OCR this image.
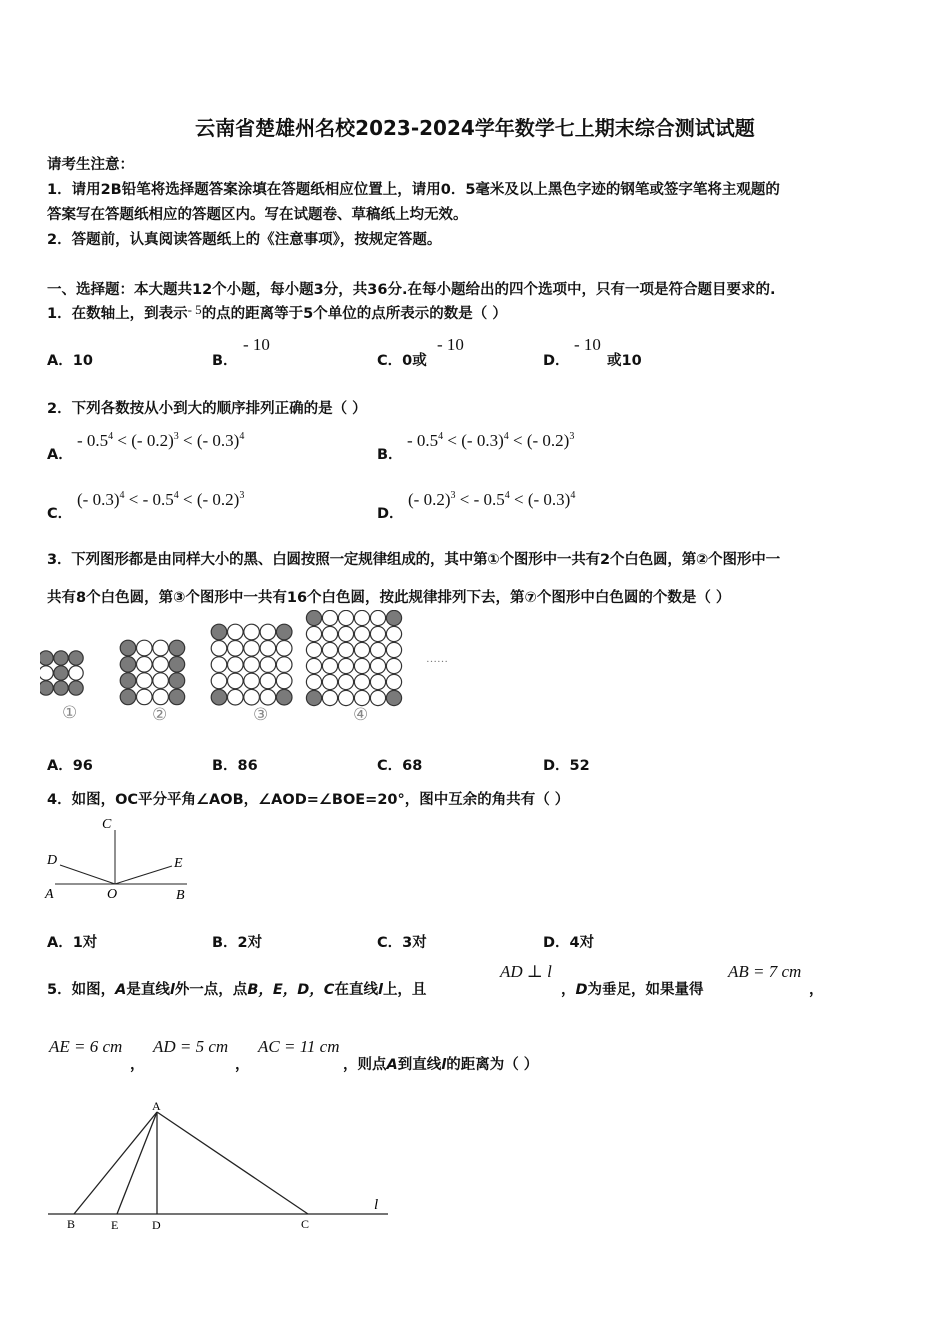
云南省楚雄州名校2023-2024学年数学七上期末综合测试试题
请考生注意：
1．请用2B铅笔将选择题答案涂填在答题纸相应位置上，请用0．5毫米及以上黑色字迹的钢笔或签字笔将主观题的
答案写在答题纸相应的答题区内。写在试题卷、草稿纸上均无效。
2．答题前，认真阅读答题纸上的《注意事项》，按规定答题。
一、选择题：本大题共12个小题，每小题3分，共36分.在每小题给出的四个选项中，只有一项是符合题目要求的.
1．在数轴上，到表示- 5的点的距离等于5个单位的点所表示的数是（ ）
A．10	B．
- 10
C．0或
- 10
D．
- 10
或10
2．下列各数按从小到大的顺序排列正确的是（ ）
A．
- $0.5^4$ < (- 0.2)$^3$ < (- 0.3)$^4$
B．
- $0.5^4$ < (- 0.3)$^4$ < (- 0.2)$^3$
C．
(- 0.3)$^4$ < - $0.5^4$ < (- 0.2)$^3$
D．
(- 0.2)$^3$ < - $0.5^4$ < (- 0.3)$^4$
3．下列图形都是由同样大小的黑、白圆按照一定规律组成的，其中第①个图形中一共有2个白色圆，第②个图形中一
共有8个白色圆，第③个图形中一共有16个白色圆，按此规律排列下去，第⑦个图形中白色圆的个数是（ ）
……
①	②	③	④
A．96	B．86	C．68	D．52
4．如图，OC平分平角∠AOB，∠AOD=∠BOE=20°，图中互余的角共有（ ）
C
D	E
A	O	B
A．1对	B．2对	C．3对	D．4对
5．如图，A是直线l外一点，点B，E，D，C在直线l上，且
AD ⊥ l
，D为垂足，如果量得
AB = 7 cm
，
AE = 6 cm
，
AD = 5 cm
，
AC = 11 cm
，则点A到直线l的距离为（ ）
A
B	E	D	C
l
